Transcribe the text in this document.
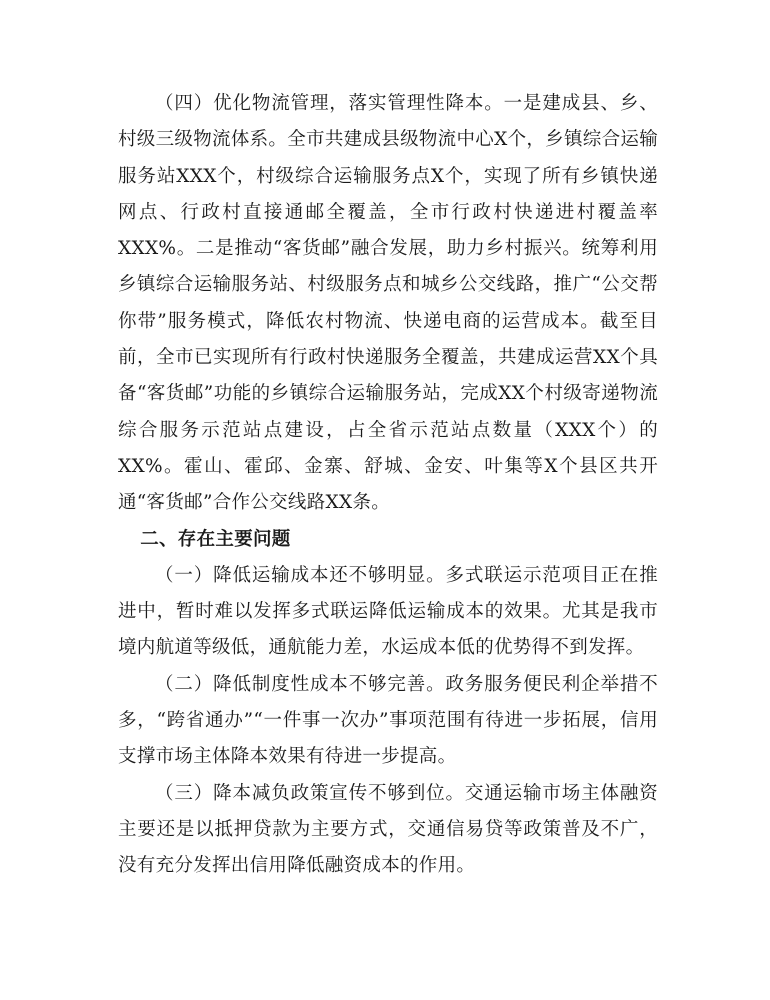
（四）优化物流管理，落实管理性降本。一是建成县、乡、村级三级物流体系。全市共建成县级物流中心X个，乡镇综合运输服务站XXX个，村级综合运输服务点X个，实现了所有乡镇快递网点、行政村直接通邮全覆盖，全市行政村快递进村覆盖率XXX%。二是推动“客货邮”融合发展，助力乡村振兴。统筹利用乡镇综合运输服务站、村级服务点和城乡公交线路，推广“公交帮你带”服务模式，降低农村物流、快递电商的运营成本。截至目前，全市已实现所有行政村快递服务全覆盖，共建成运营XX个具备“客货邮”功能的乡镇综合运输服务站，完成XX个村级寄递物流综合服务示范站点建设，占全省示范站点数量（XXX个）的XX%。霍山、霍邱、金寨、舒城、金安、叶集等X个县区共开通“客货邮”合作公交线路XX条。

二、存在主要问题

（一）降低运输成本还不够明显。多式联运示范项目正在推进中，暂时难以发挥多式联运降低运输成本的效果。尤其是我市境内航道等级低，通航能力差，水运成本低的优势得不到发挥。

（二）降低制度性成本不够完善。政务服务便民利企举措不多，“跨省通办”“一件事一次办”事项范围有待进一步拓展，信用支撑市场主体降本效果有待进一步提高。

（三）降本减负政策宣传不够到位。交通运输市场主体融资主要还是以抵押贷款为主要方式，交通信易贷等政策普及不广，没有充分发挥出信用降低融资成本的作用。
